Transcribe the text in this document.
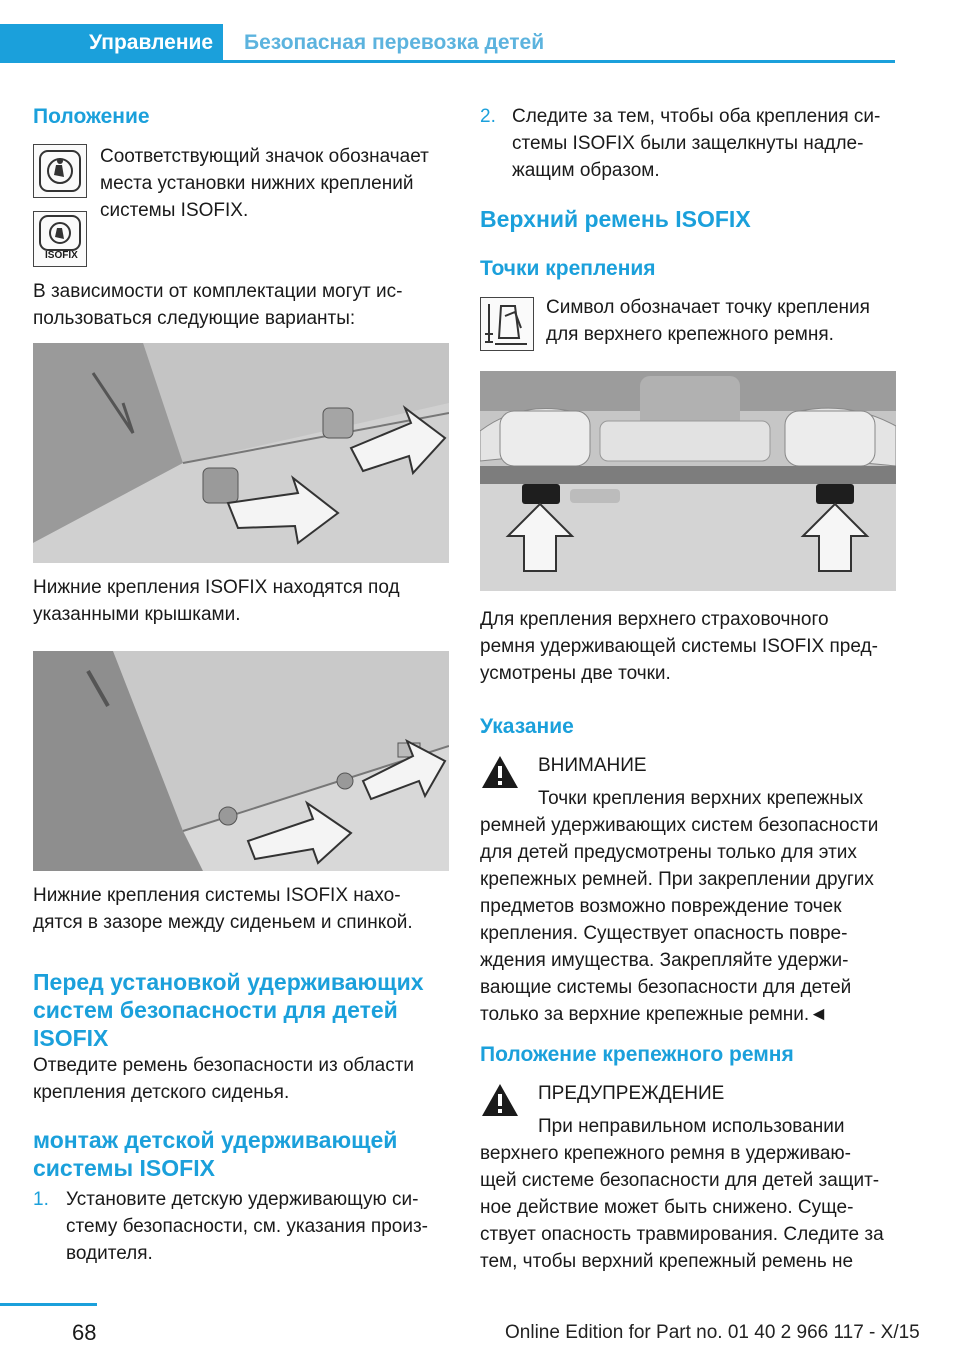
Управление	Безопасная перевозка детей
Положение
ISOFIX

Соответствующий значок обозначает

места установки нижних креплений

системы ISOFIX.

В зависимости от комплектации могут ис-

пользоваться следующие варианты:

Нижние крепления ISOFIX находятся под

указанными крышками.

Нижние крепления системы ISOFIX нахо-

дятся в зазоре между сиденьем и спинкой.

Перед установкой удерживающих
систем безопасности для детей
ISOFIX

Отведите ремень безопасности из области

крепления детского сиденья.

монтаж детской удерживающей
системы ISOFIX
1. Установите детскую удерживающую си-

стему безопасности, см. указания произ-

водителя.

2. Следите за тем, чтобы оба крепления си-

стемы ISOFIX были защелкнуты надле-

жащим образом.

Верхний ремень ISOFIX
Точки крепления

Символ обозначает точку крепления

для верхнего крепежного ремня.

Для крепления верхнего страховочного

ремня удерживающей системы ISOFIX пред-

усмотрены две точки.

Указание
ВНИМАНИЕ
Точки крепления верхних крепежных

ремней удерживающих систем безопасности

для детей предусмотрены только для этих

крепежных ремней. При закреплении других

предметов возможно повреждение точек

крепления. Существует опасность повре-

ждения имущества. Закрепляйте удержи-

вающие системы безопасности для детей

только за верхние крепежные ремни.◄

Положение крепежного ремня
ПРЕДУПРЕЖДЕНИЕ
При неправильном использовании

верхнего крепежного ремня в удерживаю-

щей системе безопасности для детей защит-

ное действие может быть снижено. Суще-

ствует опасность травмирования. Следите за

тем, чтобы верхний крепежный ремень не

68	Online Edition for Part no. 01 40 2 966 117 - X/15
